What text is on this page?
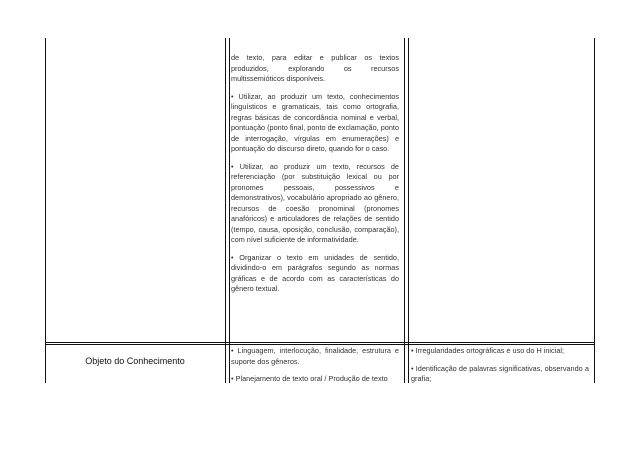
de texto, para editar e publicar os textos produzidos, explorando os recursos multissemióticos disponíveis.

• Utilizar, ao produzir um texto, conhecimentos linguísticos e gramaticais, tais como ortografia, regras básicas de concordância nominal e verbal, pontuação (ponto final, ponto de exclamação, ponto de interrogação, vírgulas em enumerações) e pontuação do discurso direto, quando for o caso.

• Utilizar, ao produzir um texto, recursos de referenciação (por substituição lexical ou por pronomes pessoais, possessivos e demonstrativos), vocabulário apropriado ao gênero, recursos de coesão pronominal (pronomes anafóricos) e articuladores de relações de sentido (tempo, causa, oposição, conclusão, comparação), com nível suficiente de informatividade.

• Organizar o texto em unidades de sentido, dividindo-o em parágrafos segundo as normas gráficas e de acordo com as características do gênero textual.

Objeto do Conhecimento

• Linguagem, interlocução, finalidade, estrutura e suporte dos gêneros.

• Planejamento de texto oral / Produção de texto

• Irregularidades ortográficas e uso do H inicial;

• Identificação de palavras significativas, observando a grafia;
